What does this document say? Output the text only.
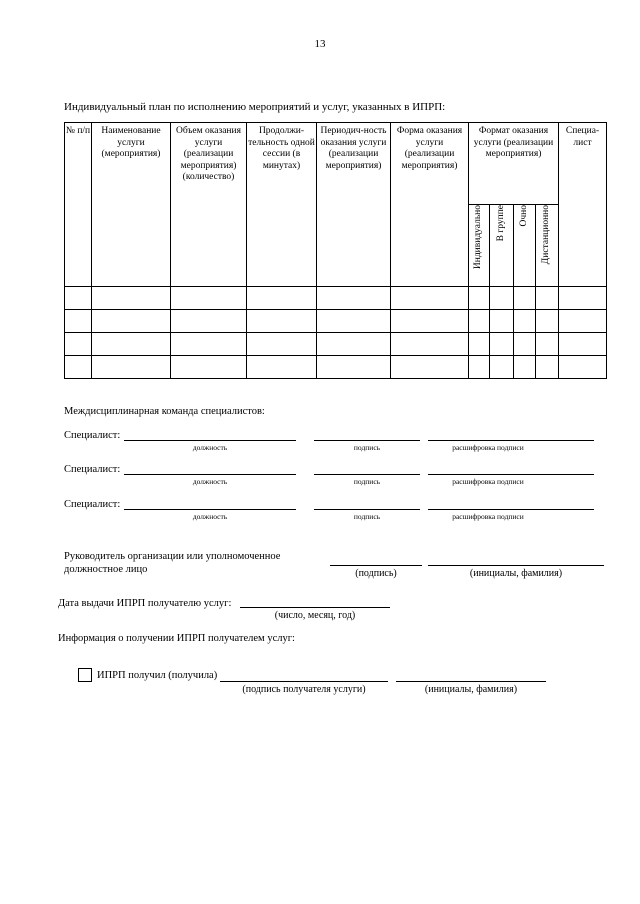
13
Индивидуальный план по исполнению мероприятий и услуг, указанных в ИПРП:
№ п/п	Наименование услуги (мероприятия)	Объем оказания услуги (реализации мероприятия) (количество)	Продолжи-тельность одной сессии (в минутах)	Периодич-ность оказания услуги (реализации мероприятия)	Форма оказания услуги (реализации мероприятия)	Формат оказания услуги (реализации мероприятия)				Специа-лист
						Индивидуально	В группе	Очно	Дистанционно	

Междисциплинарная команда специалистов:
Специалист:
должность	подпись	расшифровка подписи
Специалист:
должность	подпись	расшифровка подписи
Специалист:
должность	подпись	расшифровка подписи
Руководитель организации или уполномоченное
должностное лицо	(подпись)	(инициалы, фамилия)
Дата выдачи ИПРП получателю услуг:
(число, месяц, год)
Информация о получении ИПРП получателем услуг:
ИПРП получил (получила)
(подпись получателя услуги)	(инициалы, фамилия)
